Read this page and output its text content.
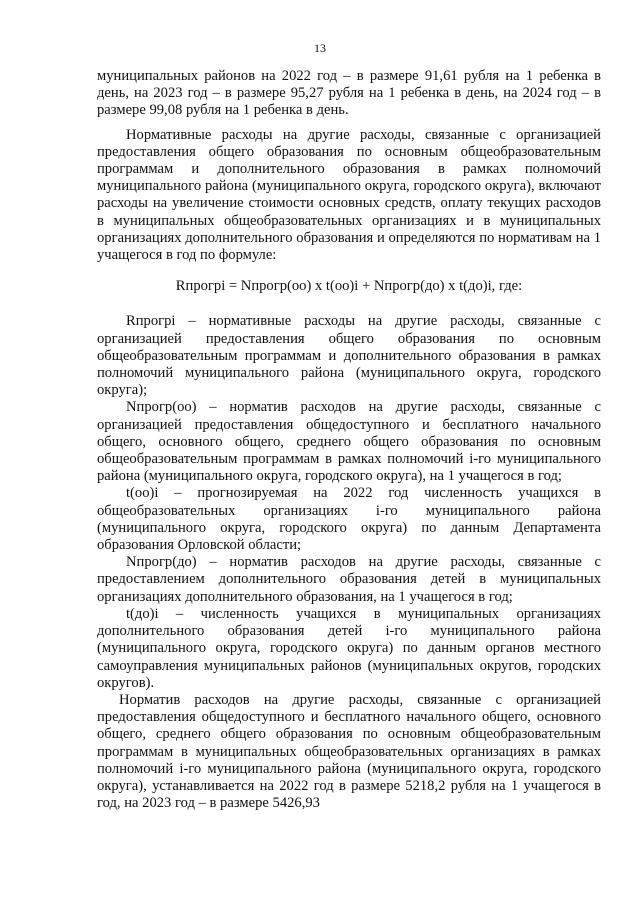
13

муниципальных районов на 2022 год – в размере 91,61 рубля на 1 ребенка в день, на 2023 год – в размере 95,27 рубля на 1 ребенка в день, на 2024 год – в размере 99,08 рубля на 1 ребенка в день.

Нормативные расходы на другие расходы, связанные с организацией предоставления общего образования по основным общеобразовательным программам и дополнительного образования в рамках полномочий муниципального района (муниципального округа, городского округа), включают расходы на увеличение стоимости основных средств, оплату текущих расходов в муниципальных общеобразовательных организациях и в муниципальных организациях дополнительного образования и определяются по нормативам на 1 учащегося в год по формуле:

Rпрогрi = Nпрогр(оо) х t(оо)i + Nпрогр(до) х t(до)i, где:

Rпрогрi – нормативные расходы на другие расходы, связанные с организацией предоставления общего образования по основным общеобразовательным программам и дополнительного образования в рамках полномочий муниципального района (муниципального округа, городского округа);

Nпрогр(оо) – норматив расходов на другие расходы, связанные с организацией предоставления общедоступного и бесплатного начального общего, основного общего, среднего общего образования по основным общеобразовательным программам в рамках полномочий i-го муниципального района (муниципального округа, городского округа), на 1 учащегося в год;

t(оо)i – прогнозируемая на 2022 год численность учащихся в общеобразовательных организациях i-го муниципального района (муниципального округа, городского округа) по данным Департамента образования Орловской области;

Nпрогр(до) – норматив расходов на другие расходы, связанные с предоставлением дополнительного образования детей в муниципальных организациях дополнительного образования, на 1 учащегося в год;

t(до)i – численность учащихся в муниципальных организациях дополнительного образования детей i-го муниципального района (муниципального округа, городского округа) по данным органов местного самоуправления муниципальных районов (муниципальных округов, городских округов).

Норматив расходов на другие расходы, связанные с организацией предоставления общедоступного и бесплатного начального общего, основного общего, среднего общего образования по основным общеобразовательным программам в муниципальных общеобразовательных организациях в рамках полномочий i-го муниципального района (муниципального округа, городского округа), устанавливается на 2022 год в размере 5218,2 рубля на 1 учащегося в год, на 2023 год – в размере 5426,93
